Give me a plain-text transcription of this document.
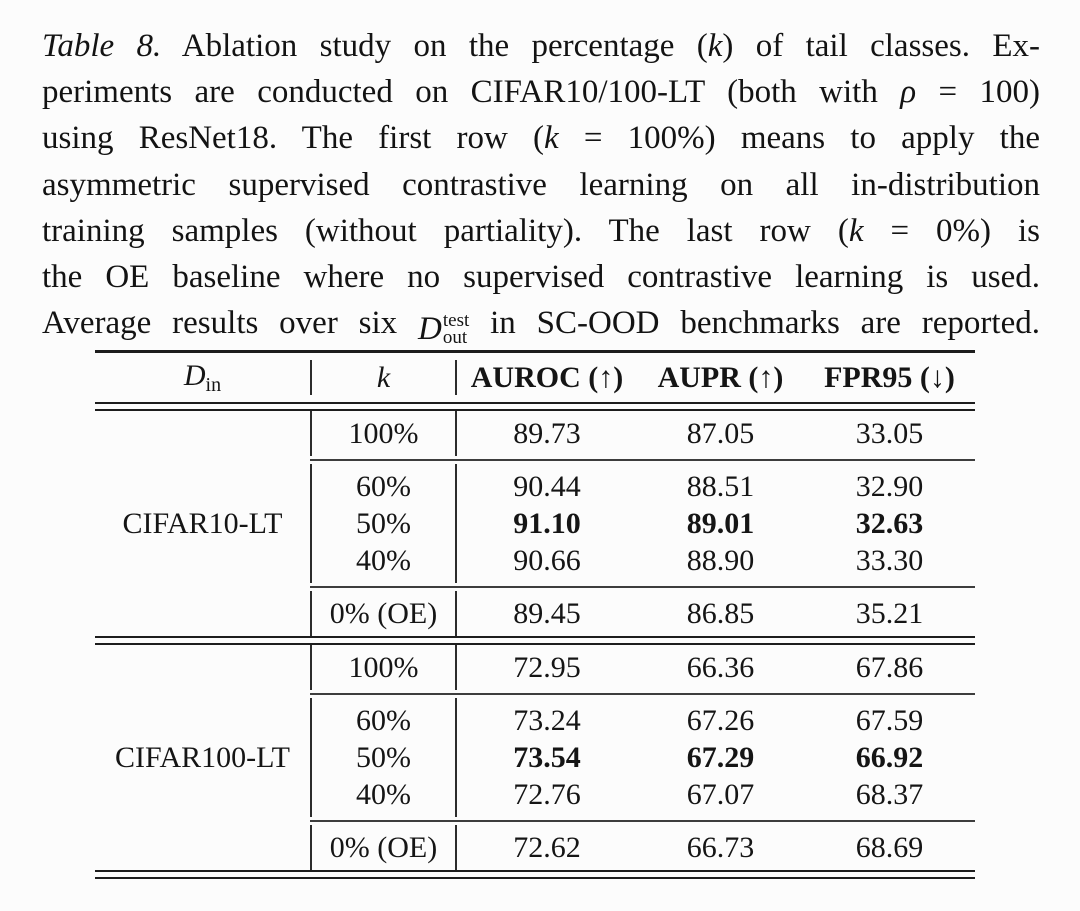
Table 8. Ablation study on the percentage (k) of tail classes. Ex-
periments are conducted on CIFAR10/100-LT (both with ρ = 100)
using ResNet18. The first row (k = 100%) means to apply the
asymmetric supervised contrastive learning on all in-distribution
training samples (without partiality). The last row (k = 0%) is
the OE baseline where no supervised contrastive learning is used.
Average results over six D test
out in SC-OOD benchmarks are reported.
$D_{in}$	k	AUROC (↑)	AUPR (↑)	FPR95 (↓)
100%	89.73	87.05	33.05
CIFAR10-LT
60%	90.44	88.51	32.90
50%	91.10	89.01	32.63
40%	90.66	88.90	33.30
0% (OE)	89.45	86.85	35.21
100%	72.95	66.36	67.86
CIFAR100-LT
60%	73.24	67.26	67.59
50%	73.54	67.29	66.92
40%	72.76	67.07	68.37
0% (OE)	72.62	66.73	68.69
